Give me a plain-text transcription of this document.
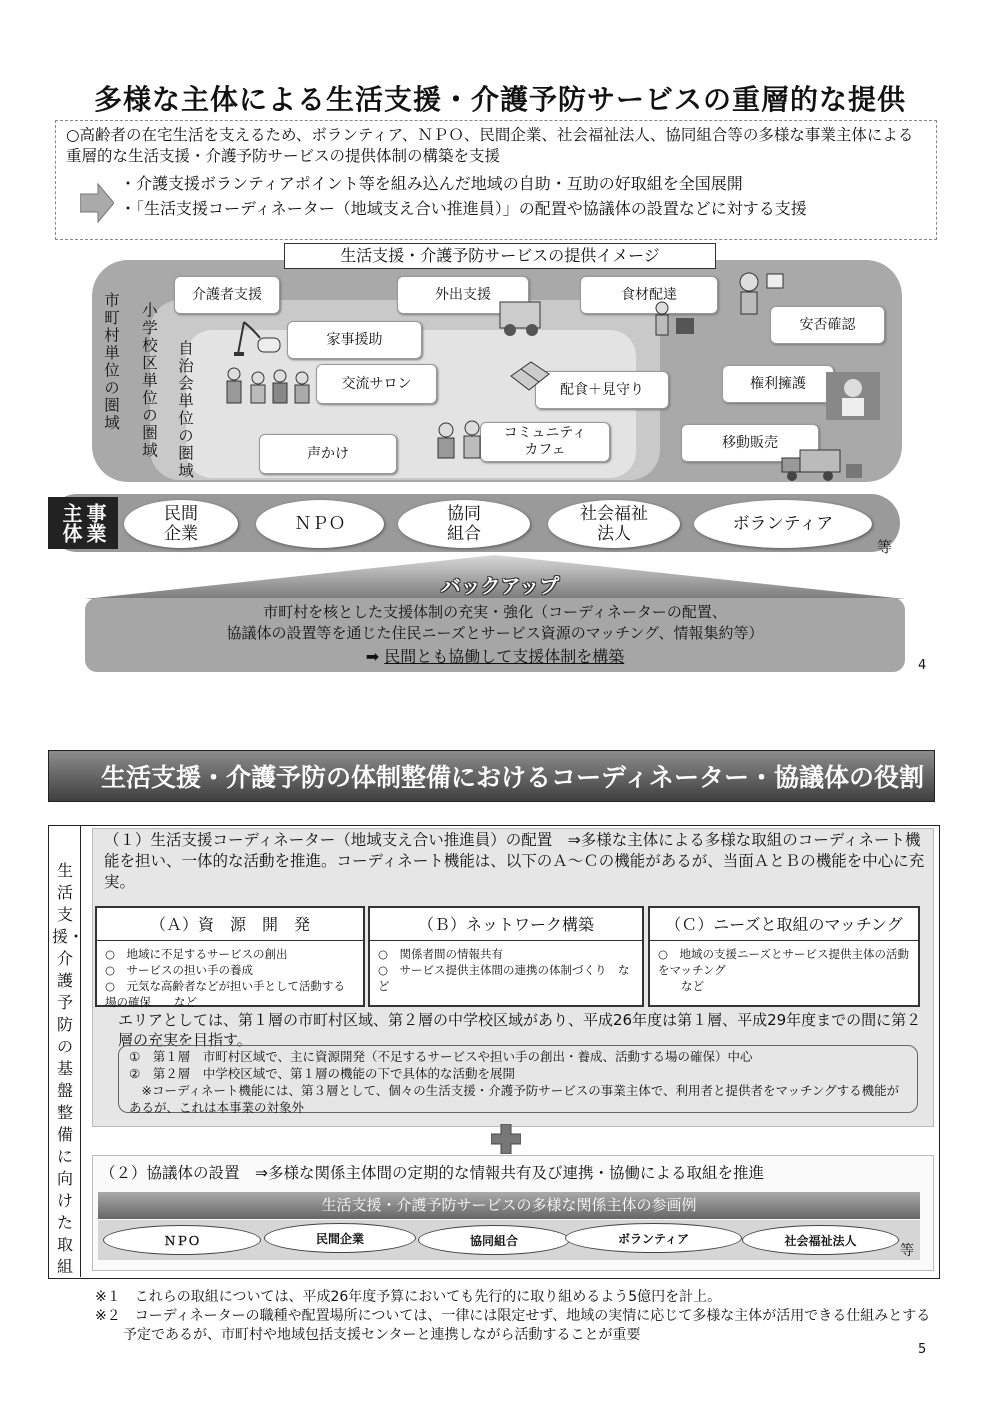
多様な主体による生活支援・介護予防サービスの重層的な提供
○高齢者の在宅生活を支えるため、ボランティア、ＮＰＯ、民間企業、社会福祉法人、協同組合等の多様な事業主体による重層的な生活支援・介護予防サービスの提供体制の構築を支援
・介護支援ボランティアポイント等を組み込んだ地域の自助・互助の好取組を全国展開
・「生活支援コーディネーター（地域支え合い推進員）」の配置や協議体の設置などに対する支援
生活支援・介護予防サービスの提供イメージ
市町村単位の圏域 小学校区単位の圏域 自治会単位の圏域
介護者支援	外出支援	食材配達
家事援助
安否確認
交流サロン	配食＋見守り	権利擁護
声かけ
コミュニティ
カフェ	移動販売
事業
主体	民間
企業	ＮＰＯ	協同
組合
社会福祉
法人	ボランティア
等
バックアップ
市町村を核とした支援体制の充実・強化（コーディネーターの配置、
協議体の設置等を通じた住民ニーズとサービス資源のマッチング、情報集約等）
➡ 民間とも協働して支援体制を構築	4
生活支援・介護予防の体制整備におけるコーディネーター・協議体の役割
生活支援・介護予防の基盤整備に向けた取組
（１）生活支援コーディネーター（地域支え合い推進員）の配置　⇒多様な主体による多様な取組のコーディネート機能を担い、一体的な活動を推進。コーディネート機能は、以下のＡ～Ｃの機能があるが、当面ＡとＢの機能を中心に充実。
（Ａ）資　源　開　発
○　地域に不足するサービスの創出
○　サービスの担い手の養成
○　元気な高齢者などが担い手として活動する場の確保　　など
（Ｂ）ネットワーク構築
○　関係者間の情報共有
○　サービス提供主体間の連携の体制づくり　など
（Ｃ）ニーズと取組のマッチング
○　地域の支援ニーズとサービス提供主体の活動をマッチング
　　など
エリアとしては、第１層の市町村区域、第２層の中学校区域があり、平成26年度は第１層、平成29年度までの間に第２層の充実を目指す。
①　第１層　市町村区域で、主に資源開発（不足するサービスや担い手の創出・養成、活動する場の確保）中心
②　第２層　中学校区域で、第１層の機能の下で具体的な活動を展開
　※コーディネート機能には、第３層として、個々の生活支援・介護予防サービスの事業主体で、利用者と提供者をマッチングする機能があるが、これは本事業の対象外
（２）協議体の設置　⇒多様な関係主体間の定期的な情報共有及び連携・協働による取組を推進
生活支援・介護予防サービスの多様な関係主体の参画例
ＮＰＯ	民間企業	協同組合	ボランティア	社会福祉法人
等
※１　これらの取組については、平成26年度予算においても先行的に取り組めるよう5億円を計上。
※２　コーディネーターの職種や配置場所については、一律には限定せず、地域の実情に応じて多様な主体が活用できる仕組みとする予定であるが、市町村や地域包括支援センターと連携しながら活動することが重要
5
